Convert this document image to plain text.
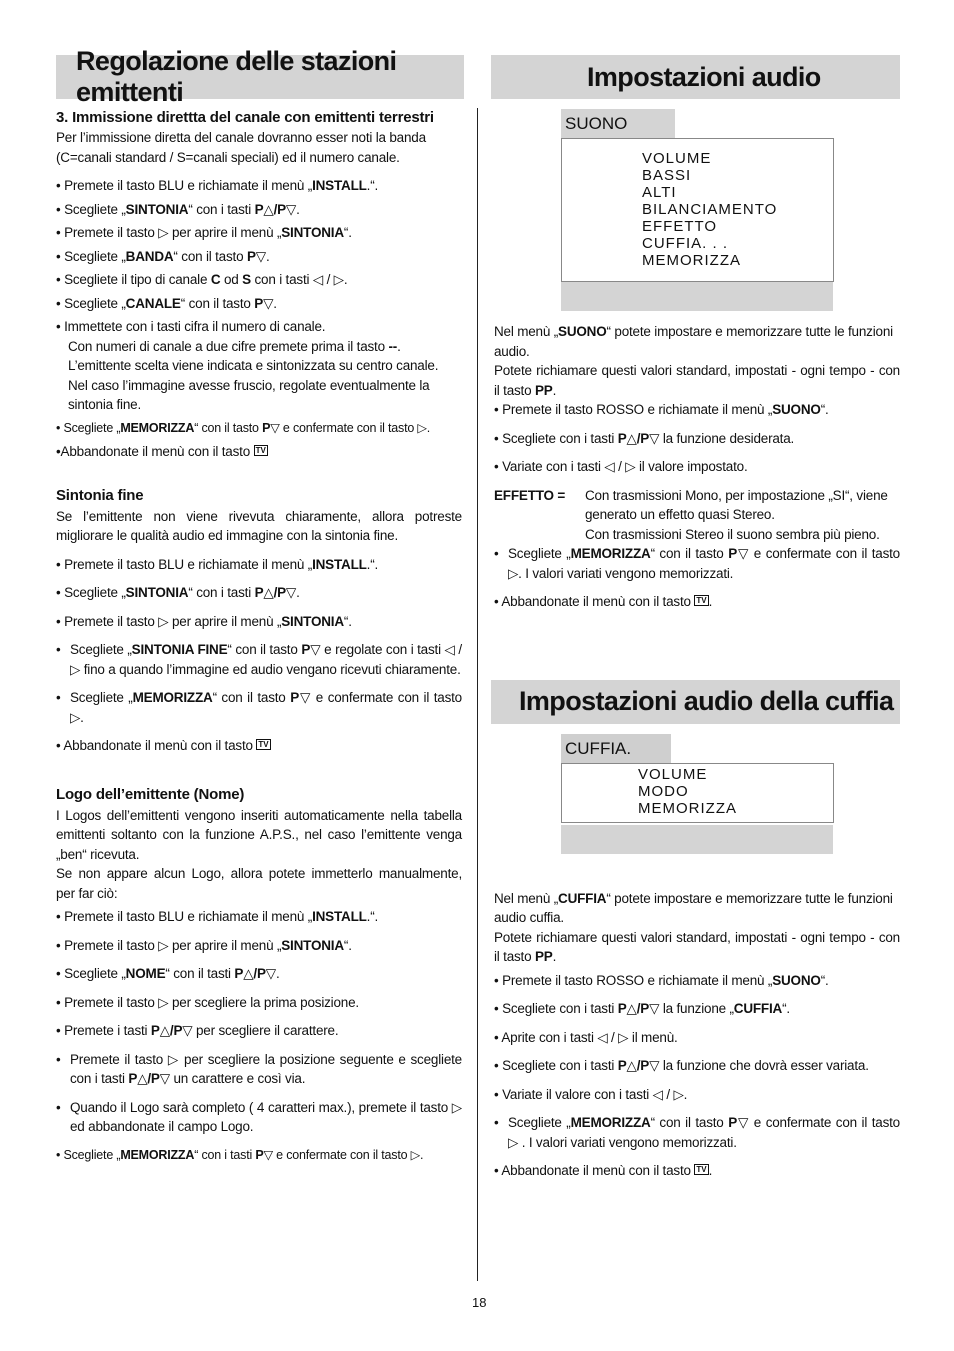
Regolazione delle stazioni emittenti
3. Immissione direttta del canale con emittenti terrestri

Per l’immissione diretta del canale dovranno esser noti la banda (C=canali standard / S=canali speciali) ed il numero canale.

• Premete il tasto BLU e richiamate il menù „INSTALL.“.

• Scegliete „SINTONIA“ con i tasti P△/P▽.

• Premete il tasto ▷ per aprire il menù „SINTONIA“.

• Scegliete „BANDA“ con il tasto P▽.

• Scegliete il tipo di canale C od S con i tasti ◁ / ▷.

• Scegliete „CANALE“ con il tasto P▽.

• Immettete con i tasti cifra il numero di canale.
Con numeri di canale a due cifre premete prima il tasto --.
L’emittente scelta viene indicata e sintonizzata su centro canale.
Nel caso l’immagine avesse fruscio, regolate eventualmente la sintonia fine.

• Scegliete „MEMORIZZA“ con il tasto P▽ e confermate con il tasto ▷.

•Abbandonate il menù con il tasto TV

Sintonia fine

Se l’emittente non viene rivevuta chiaramente, allora potreste migliorare le qualità audio ed immagine con la sintonia fine.

• Premete il tasto BLU e richiamate il menù „INSTALL.“.

• Scegliete „SINTONIA“ con i tasti P△/P▽.

• Premete il tasto ▷ per aprire il menù „SINTONIA“.

• Scegliete „SINTONIA FINE“ con il tasto P▽ e regolate con i tasti ◁ / ▷ fino a quando l’immagine ed audio vengano ricevuti chiaramente.

• Scegliete „MEMORIZZA“ con il tasto P▽ e confermate con il tasto ▷.

• Abbandonate il menù con il tasto TV

Logo dell’emittente (Nome)

I Logos dell’emittenti vengono inseriti automaticamente nella tabella emittenti soltanto con la funzione A.P.S., nel caso l’emittente venga „ben“ ricevuta.

Se non appare alcun Logo, allora potete immetterlo manualmente, per far ciò:

• Premete il tasto BLU e richiamate il menù „INSTALL.“.

• Premete il tasto ▷ per aprire il menù „SINTONIA“.

• Scegliete „NOME“ con il tasti P△/P▽.

• Premete il tasto ▷ per scegliere la prima posizione.

• Premete i tasti P△/P▽ per scegliere il carattere.

• Premete il tasto ▷ per scegliere la posizione seguente e scegliete con i tasti P△/P▽ un carattere e così via.

• Quando il Logo sarà completo ( 4 caratteri max.), premete il tasto ▷ ed abbandonate il campo Logo.

• Scegliete „MEMORIZZA“ con i tasti P▽ e confermate con il tasto ▷.

Impostazioni audio
SUONO
VOLUME
BASSI
ALTI
BILANCIAMENTO
EFFETTO
CUFFIA. . .
MEMORIZZA

Nel menù „SUONO“ potete impostare e memorizzare tutte le funzioni audio.

Potete richiamare questi valori standard, impostati - ogni tempo - con il tasto PP.

• Premete il tasto ROSSO e richiamate il menù „SUONO“.

• Scegliete con i tasti P△/P▽ la funzione desiderata.

• Variate con i tasti ◁ / ▷ il valore impostato.

EFFETTO =	Con trasmissioni Mono, per impostazione „SI“, viene generato un effetto quasi Stereo.
Con trasmissioni Stereo il suono sembra più pieno.

• Scegliete „MEMORIZZA“ con il tasto P▽ e confermate con il tasto ▷. I valori variati vengono memorizzati.

• Abbandonate il menù con il tasto TV .

Impostazioni audio della cuffia
CUFFIA.
VOLUME
MODO
MEMORIZZA

Nel menù „CUFFIA“ potete impostare e memorizzare tutte le funzioni audio cuffia.

Potete richiamare questi valori standard, impostati - ogni tempo - con il tasto PP.

• Premete il tasto ROSSO e richiamate il menù „SUONO“.

• Scegliete con i tasti P△/P▽ la funzione „CUFFIA“.

• Aprite con i tasti ◁ / ▷ il menù.

• Scegliete con i tasti P△/P▽ la funzione che dovrà esser variata.

• Variate il valore con i tasti ◁ / ▷.

• Scegliete „MEMORIZZA“ con il tasto P▽ e confermate con il tasto ▷ . I valori variati vengono memorizzati.

• Abbandonate il menù con il tasto TV .

18
